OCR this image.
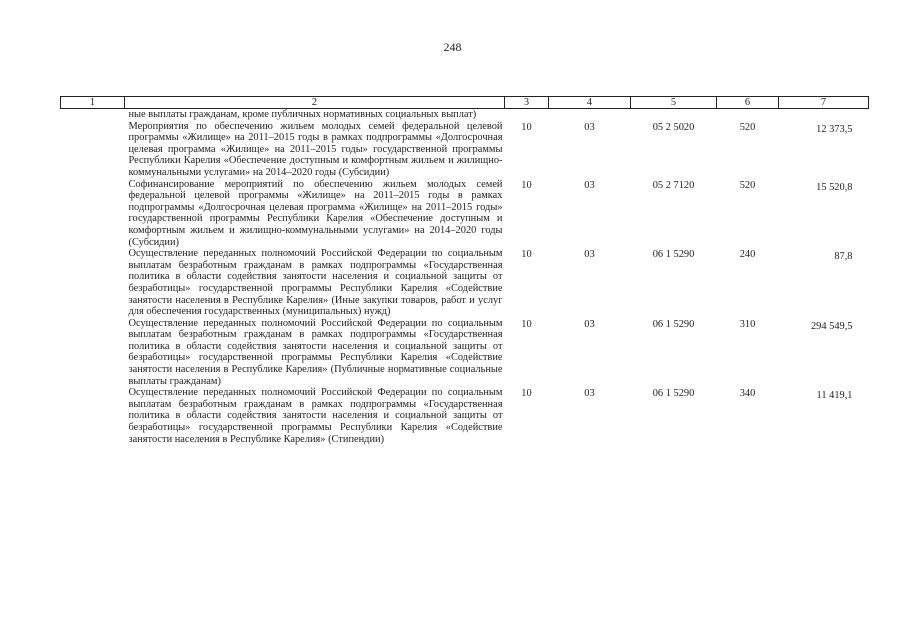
248
1	2	3	4	5	6	7
	ные выплаты гражданам, кроме публичных нормативных социальных выплат)					
	Мероприятия по обеспечению жильем молодых семей федеральной целевой программы «Жилище» на 2011–2015 годы в рамках подпрограммы «Долгосрочная целевая программа «Жилище» на 2011–2015 годы» государственной программы Республики Карелия «Обеспечение доступным и комфортным жильем и жилищно-коммунальными услугами» на 2014–2020 годы (Субсидии)	10	03	05 2 5020	520	12 373,5
	Софинансирование мероприятий по обеспечению жильем молодых семей федеральной целевой программы «Жилище» на 2011–2015 годы в рамках подпрограммы «Долгосрочная целевая программа «Жилище» на 2011–2015 годы» государственной программы Республики Карелия «Обеспечение доступным и комфортным жильем и жилищно-коммунальными услугами» на 2014–2020 годы (Субсидии)	10	03	05 2 7120	520	15 520,8
	Осуществление переданных полномочий Российской Федерации по социальным выплатам безработным гражданам в рамках подпрограммы «Государственная политика в области содействия занятости населения и социальной защиты от безработицы» государственной программы Республики Карелия «Содействие занятости населения в Республике Карелия» (Иные закупки товаров, работ и услуг для обеспечения государственных (муниципальных) нужд)	10	03	06 1 5290	240	87,8
	Осуществление переданных полномочий Российской Федерации по социальным выплатам безработным гражданам в рамках подпрограммы «Государственная политика в области содействия занятости населения и социальной защиты от безработицы» государственной программы Республики Карелия «Содействие занятости населения в Республике Карелия» (Публичные нормативные социальные выплаты гражданам)	10	03	06 1 5290	310	294 549,5
	Осуществление переданных полномочий Российской Федерации по социальным выплатам безработным гражданам в рамках подпрограммы «Государственная политика в области содействия занятости населения и социальной защиты от безработицы» государственной программы Республики Карелия «Содействие занятости населения в Республике Карелия» (Стипендии)	10	03	06 1 5290	340	11 419,1
